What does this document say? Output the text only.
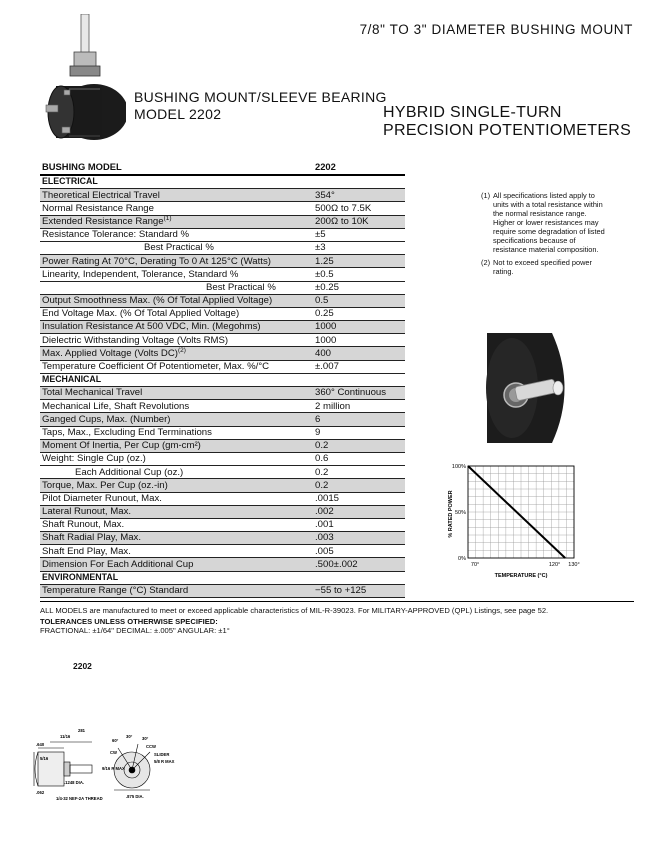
7/8" TO 3" DIAMETER BUSHING MOUNT
BUSHING MOUNT/SLEEVE BEARING
MODEL 2202	HYBRID SINGLE-TURN
PRECISION POTENTIOMETERS
BUSHING MODEL	2202
ELECTRICAL	
Theoretical Electrical Travel	354°
Normal Resistance Range	500Ω to 7.5K
Extended Resistance Range$^{(1)}$	200Ω to 10K
Resistance Tolerance: Standard %	±5
Best Practical %	±3
Power Rating At 70°C, Derating To 0 At 125°C (Watts)	1.25
Linearity, Independent, Tolerance, Standard %	±0.5
Best Practical %	±0.25
Output Smoothness Max. (% Of Total Applied Voltage)	0.5
End Voltage Max. (% Of Total Applied Voltage)	0.25
Insulation Resistance At 500 VDC, Min. (Megohms)	1000
Dielectric Withstanding Voltage (Volts RMS)	1000
Max. Applied Voltage (Volts DC)$^{(2)}$	400
Temperature Coefficient Of Potentiometer, Max. %/°C	±.007
MECHANICAL	
Total Mechanical Travel	360° Continuous
Mechanical Life, Shaft Revolutions	2 million
Ganged Cups, Max. (Number)	6
Taps, Max., Excluding End Terminations	9
Moment Of Inertia, Per Cup (gm-cm²)	0.2
Weight: Single Cup (oz.)	0.6
Each Additional Cup (oz.)	0.2
Torque, Max. Per Cup (oz.-in)	0.2
Pilot Diameter Runout, Max.	.0015
Lateral Runout, Max.	.002
Shaft Runout, Max.	.001
Shaft Radial Play, Max.	.003
Shaft End Play, Max.	.005
Dimension For Each Additional Cup	.500±.002
ENVIRONMENTAL	
Temperature Range (°C) Standard	−55 to +125
(1) All specifications listed apply to units with a total resistance within the normal resistance range. Higher or lower resistances may require some degradation of listed specifications because of resistance material composition.
(2) Not to exceed specified power rating.
100%
50%
0%
70°	120° 130°
% RATED POWER
TEMPERATURE (°C)
ALL MODELS are manufactured to meet or exceed applicable characteristics of MIL-R-39023. For MILITARY-APPROVED (QPL) Listings, see page 52.
TOLERANCES UNLESS OTHERWISE SPECIFIED:
FRACTIONAL: ±1/64" DECIMAL: ±.005" ANGULAR: ±1°
2202
11/16
281
.640
5/16
.062
.1248 DIA.
1/4-32 NEF-2A THREAD
60°
30° 30°
CW
CCW
SLIDER
5/8 R MAX
9/16 R MAX
.875 DIA.
